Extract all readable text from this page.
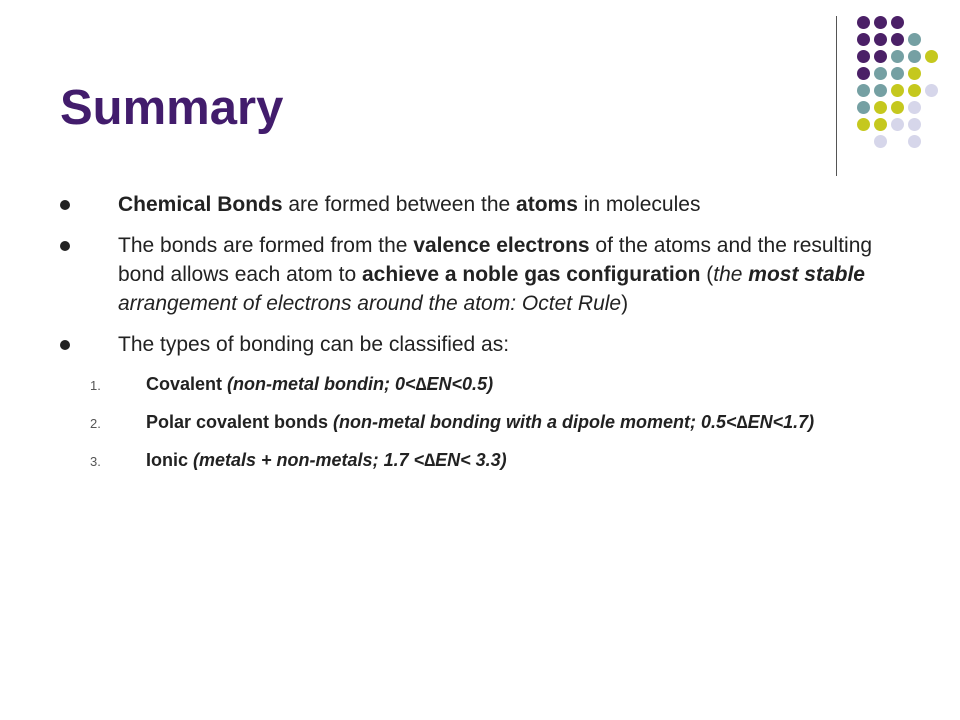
Summary
Chemical Bonds are formed between the atoms in molecules
The bonds are formed from the valence electrons of the atoms and the resulting bond allows each atom to achieve a noble gas configuration (the most stable arrangement of electrons around the atom: Octet Rule)
The types of bonding can be classified as:
1.	Covalent (non-metal bondin; 0<∆EN<0.5)
2.	Polar covalent bonds (non-metal bonding with a dipole moment; 0.5<∆EN<1.7)
3.	Ionic (metals + non-metals; 1.7 <∆EN< 3.3)
